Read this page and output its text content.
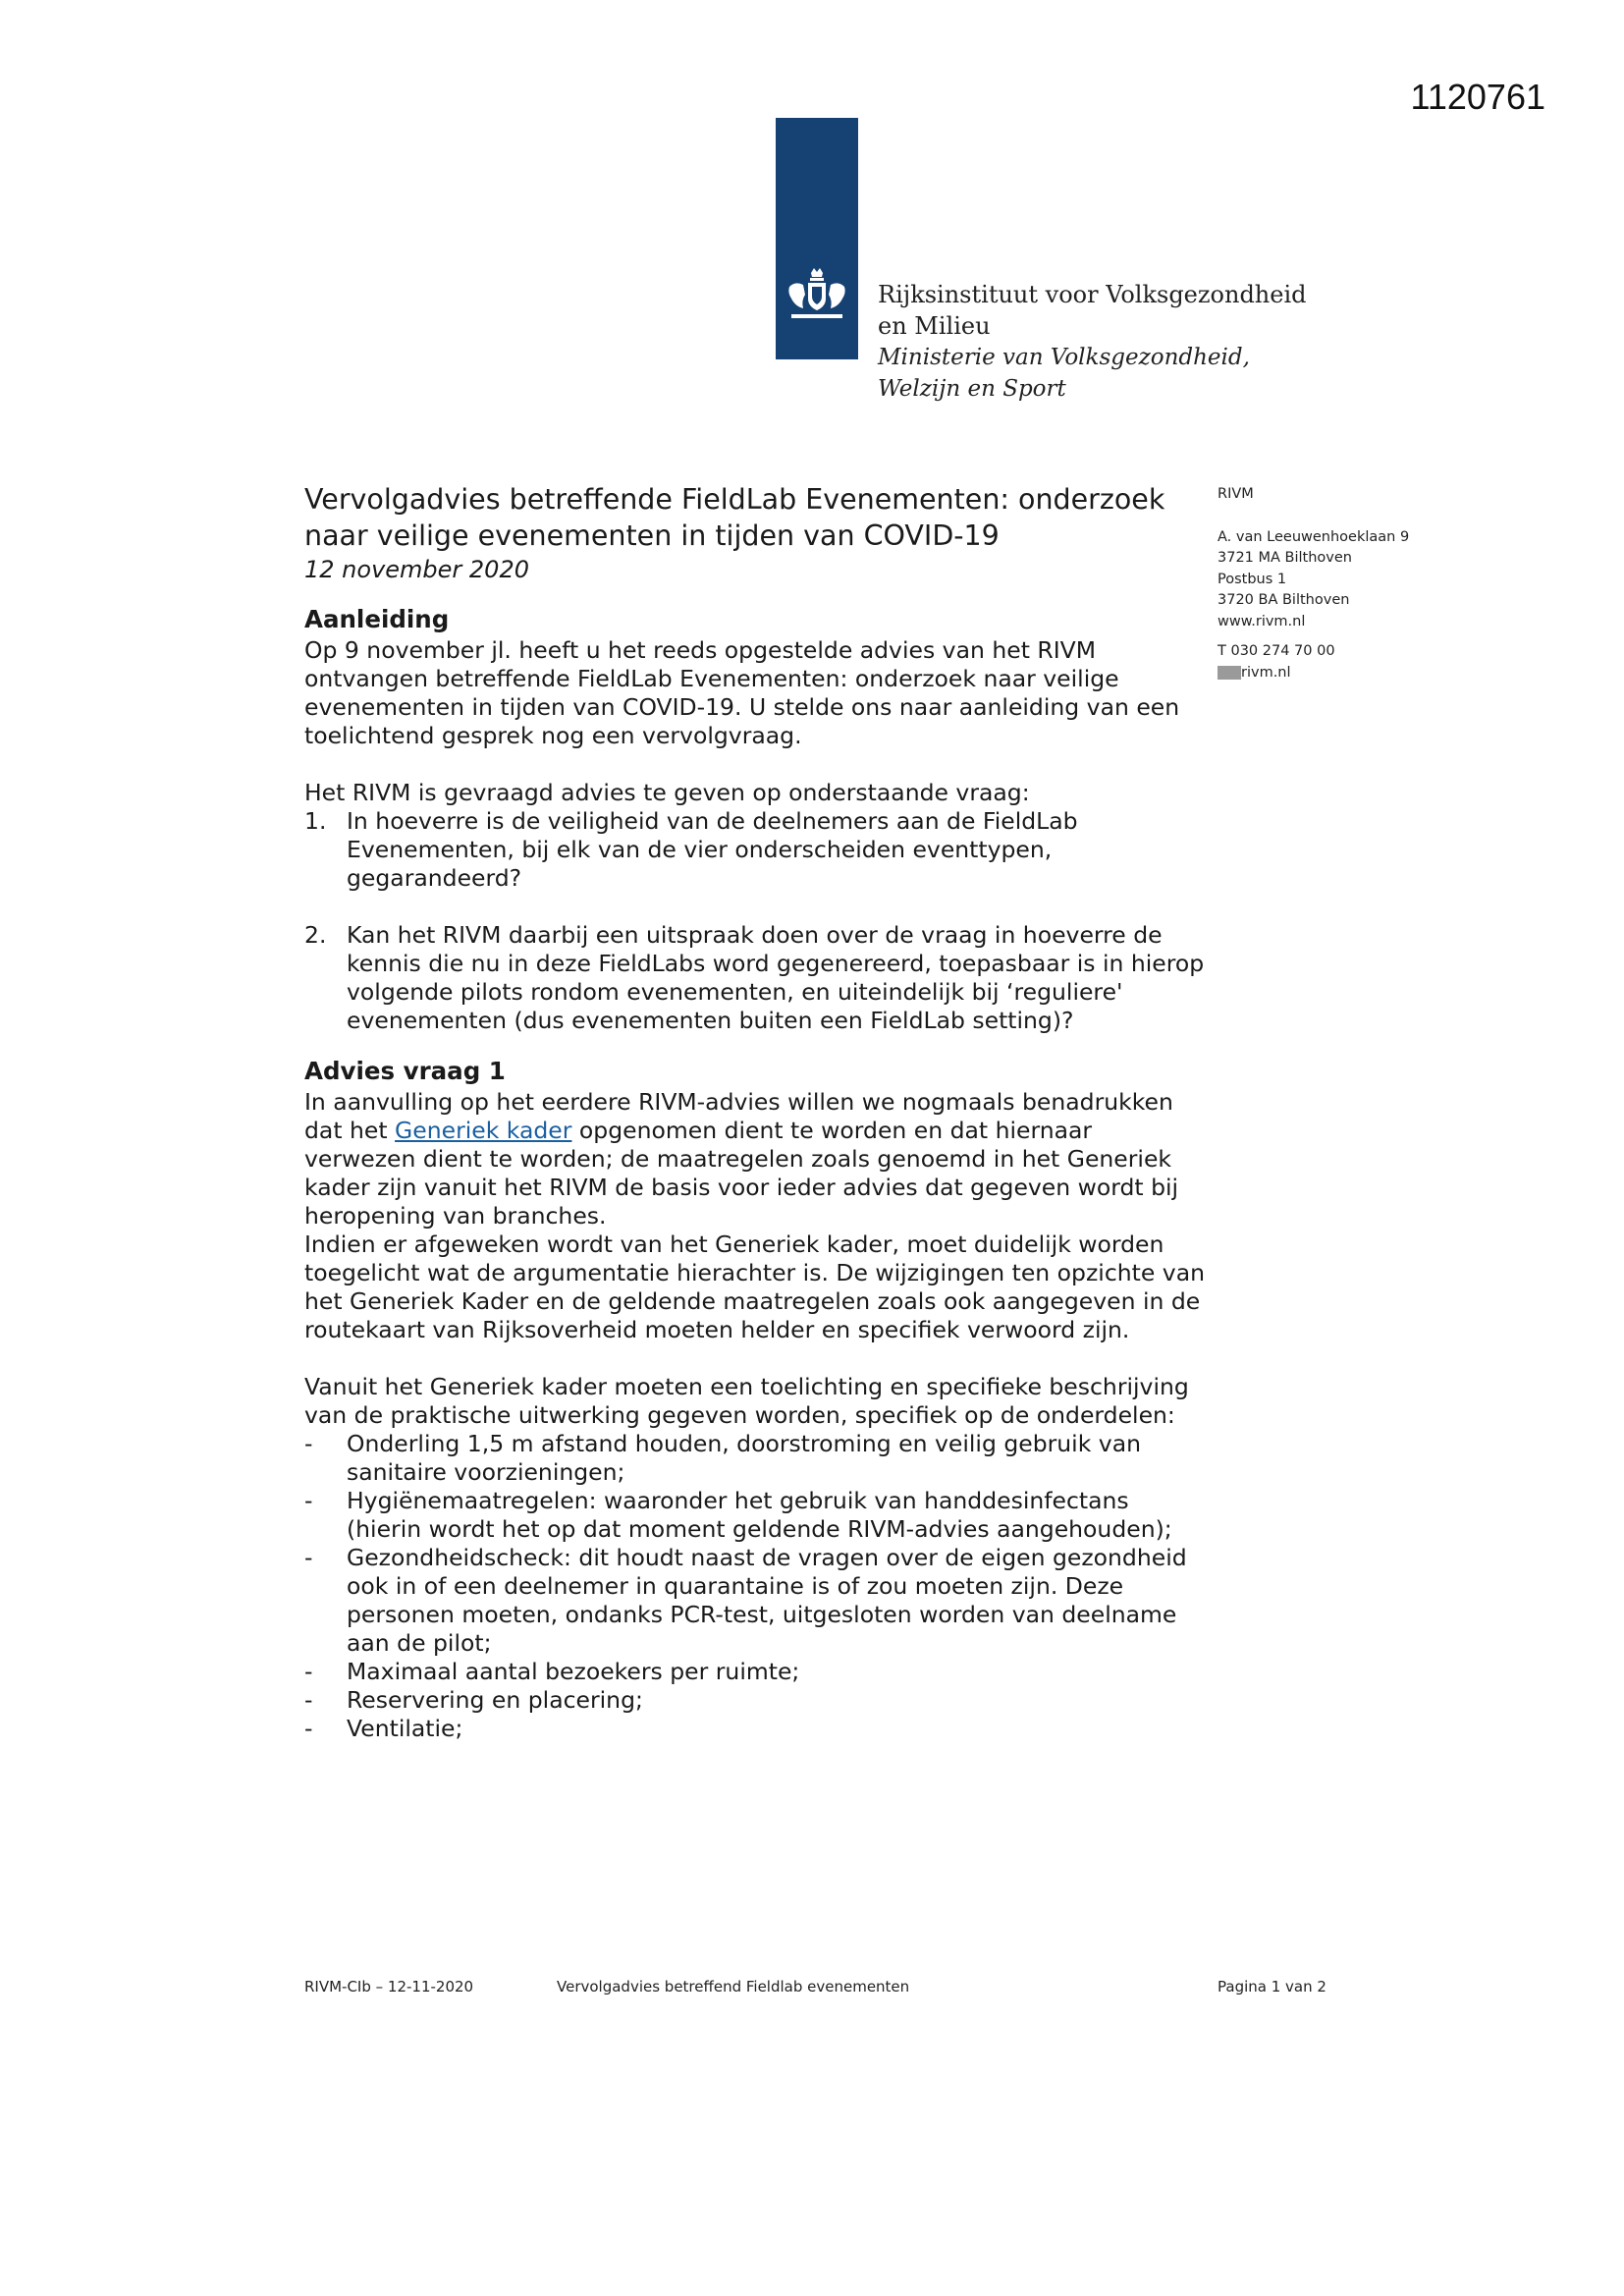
1120761
Rijksinstituut voor Volksgezondheid
en Milieu
Ministerie van Volksgezondheid,
Welzijn en Sport
RIVM
A. van Leeuwenhoeklaan 9
3721 MA Bilthoven
Postbus 1
3720 BA Bilthoven
www.rivm.nl
T 030 274 70 00
rivm.nl
Vervolgadvies betreffende FieldLab Evenementen: onderzoek
naar veilige evenementen in tijden van COVID-19

12 november 2020

Aanleiding

Op 9 november jl. heeft u het reeds opgestelde advies van het RIVM ontvangen betreffende FieldLab Evenementen: onderzoek naar veilige evenementen in tijden van COVID-19. U stelde ons naar aanleiding van een toelichtend gesprek nog een vervolgvraag.

Het RIVM is gevraagd advies te geven op onderstaande vraag:

1. In hoeverre is de veiligheid van de deelnemers aan de FieldLab Evenementen, bij elk van de vier onderscheiden eventtypen, gegarandeerd?
2. Kan het RIVM daarbij een uitspraak doen over de vraag in hoeverre de kennis die nu in deze FieldLabs word gegenereerd, toepasbaar is in hierop volgende pilots rondom evenementen, en uiteindelijk bij ‘reguliere' evenementen (dus evenementen buiten een FieldLab setting)?
Advies vraag 1

In aanvulling op het eerdere RIVM-advies willen we nogmaals benadrukken dat het Generiek kader opgenomen dient te worden en dat hiernaar verwezen dient te worden; de maatregelen zoals genoemd in het Generiek kader zijn vanuit het RIVM de basis voor ieder advies dat gegeven wordt bij heropening van branches.

Indien er afgeweken wordt van het Generiek kader, moet duidelijk worden toegelicht wat de argumentatie hierachter is. De wijzigingen ten opzichte van het Generiek Kader en de geldende maatregelen zoals ook aangegeven in de routekaart van Rijksoverheid moeten helder en specifiek verwoord zijn.

Vanuit het Generiek kader moeten een toelichting en specifieke beschrijving van de praktische uitwerking gegeven worden, specifiek op de onderdelen:

-	Onderling 1,5 m afstand houden, doorstroming en veilig gebruik van sanitaire voorzieningen;
-	Hygiënemaatregelen: waaronder het gebruik van handdesinfectans (hierin wordt het op dat moment geldende RIVM-advies aangehouden);
-	Gezondheidscheck: dit houdt naast de vragen over de eigen gezondheid ook in of een deelnemer in quarantaine is of zou moeten zijn. Deze personen moeten, ondanks PCR-test, uitgesloten worden van deelname aan de pilot;
-	Maximaal aantal bezoekers per ruimte;
-	Reservering en placering;
-	Ventilatie;
RIVM-CIb – 12-11-2020	Vervolgadvies betreffend Fieldlab evenementen	Pagina 1 van 2
